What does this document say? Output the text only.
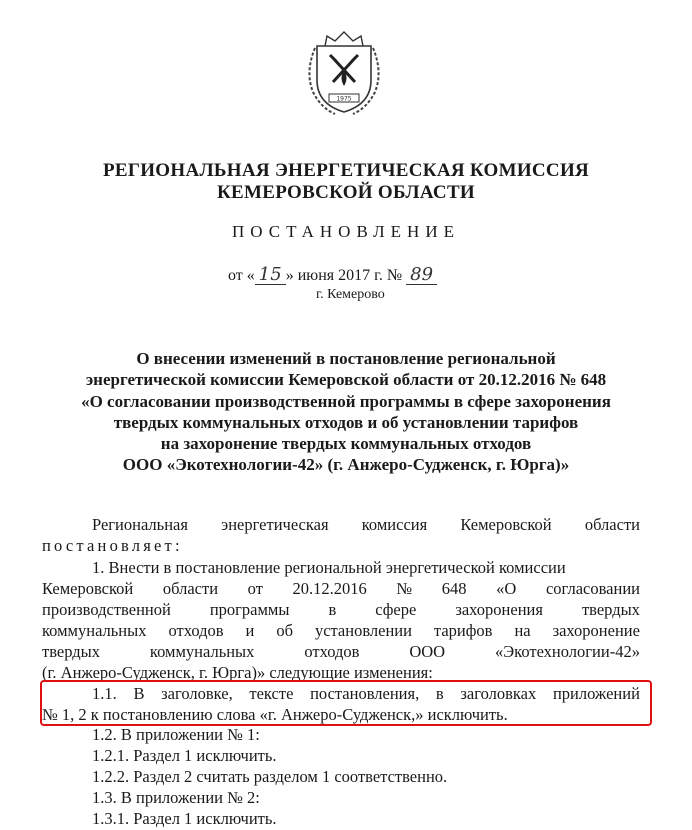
1975
РЕГИОНАЛЬНАЯ ЭНЕРГЕТИЧЕСКАЯ КОМИССИЯ
КЕМЕРОВСКОЙ ОБЛАСТИ
ПОСТАНОВЛЕНИЕ
от « 15 » июня 2017 г. № 89
г. Кемерово
О внесении изменений в постановление региональной
энергетической комиссии Кемеровской области от 20.12.2016 № 648
«О согласовании производственной программы в сфере захоронения
твердых коммунальных отходов и об установлении тарифов
на захоронение твердых коммунальных отходов
ООО «Экотехнологии-42» (г. Анжеро-Судженск, г. Юрга)»
Региональная энергетическая комиссия Кемеровской области
постановляет:
1. Внести в постановление региональной энергетической комиссии
Кемеровской области от 20.12.2016 № 648 «О согласовании
производственной программы в сфере захоронения твердых
коммунальных отходов и об установлении тарифов на захоронение
твердых	коммунальных	отходов	ООО	«Экотехнологии-42»
(г. Анжеро-Судженск, г. Юрга)» следующие изменения:
1.1. В заголовке, тексте постановления, в заголовках приложений
№ 1, 2 к постановлению слова «г. Анжеро-Судженск,» исключить.
1.2. В приложении № 1:
1.2.1. Раздел 1 исключить.
1.2.2. Раздел 2 считать разделом 1 соответственно.
1.3. В приложении № 2:
1.3.1. Раздел 1 исключить.
